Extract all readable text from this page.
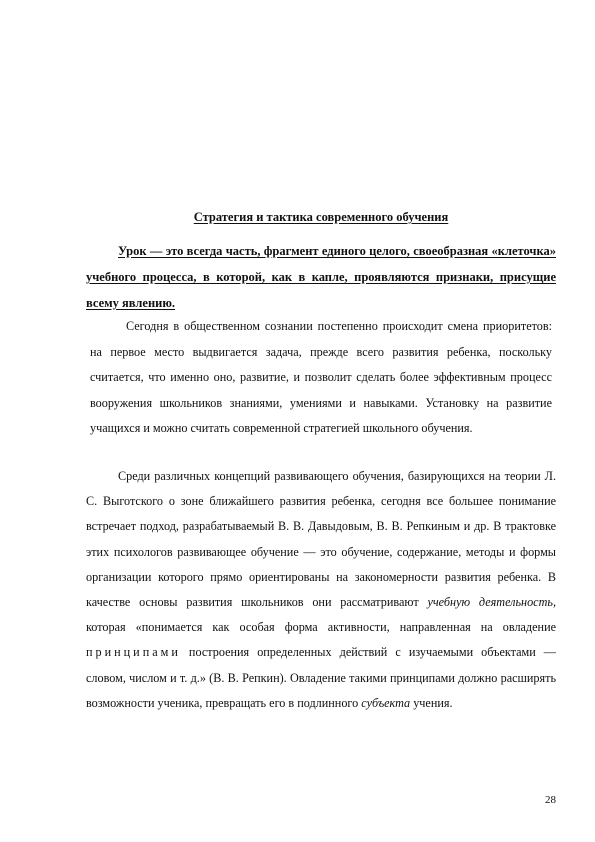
Стратегия и тактика современного обучения
Урок — это всегда часть, фрагмент единого целого, своеобразная «клеточка» учебного процесса, в которой, как в капле, проявляются признаки, присущие всему явлению.
Сегодня в общественном сознании постепенно происходит смена приоритетов: на первое место выдвигается задача, прежде всего развития ребенка, поскольку считается, что именно оно, развитие, и позволит сделать более эффективным процесс вооружения школьников знаниями, умениями и навыками. Установку на развитие учащихся и можно считать современной стратегией школьного обучения.
Среди различных концепций развивающего обучения, базирующихся на теории Л. С. Выготского о зоне ближайшего развития ребенка, сегодня все большее понимание встречает подход, разрабатываемый В. В. Давыдовым, В. В. Репкиным и др. В трактовке этих психологов развивающее обучение — это обучение, содержание, методы и формы организации которого прямо ориентированы на закономерности развития ребенка. В качестве основы развития школьников они рассматривают учебную деятельность, которая «понимается как особая форма активности, направленная на овладение принципами построения определенных действий с изучаемыми объектами — словом, числом и т. д.» (В. В. Репкин). Овладение такими принципами должно расширять возможности ученика, превращать его в подлинного субъекта учения.
28
